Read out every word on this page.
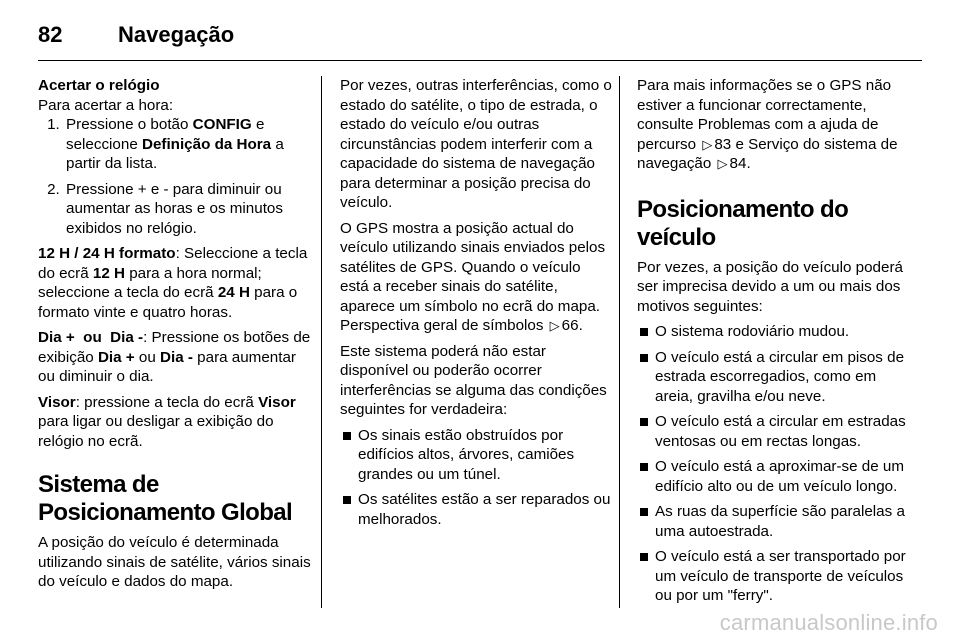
82	Navegação

Acertar o relógio

Para acertar a hora:

1. Pressione o botão CONFIG e seleccione Definição da Hora a partir da lista.
2. Pressione + e - para diminuir ou aumentar as horas e os minutos exibidos no relógio.

12 H / 24 H formato: Seleccione a tecla do ecrã 12 H para a hora normal; seleccione a tecla do ecrã 24 H para o formato vinte e quatro horas.

Dia +  ou  Dia -: Pressione os botões de exibição Dia + ou Dia - para aumentar ou diminuir o dia.

Visor: pressione a tecla do ecrã Visor para ligar ou desligar a exibição do relógio no ecrã.

Sistema de
Posicionamento Global

A posição do veículo é determinada utilizando sinais de satélite, vários sinais do veículo e dados do mapa.

Por vezes, outras interferências, como o estado do satélite, o tipo de estrada, o estado do veículo e/ou outras circunstâncias podem interferir com a capacidade do sistema de navegação para determinar a posição precisa do veículo.

O GPS mostra a posição actual do veículo utilizando sinais enviados pelos satélites de GPS. Quando o veículo está a receber sinais do satélite, aparece um símbolo no ecrã do mapa. Perspectiva geral de símbolos ▷ 66.

Este sistema poderá não estar disponível ou poderão ocorrer interferências se alguma das condições seguintes for verdadeira:

Os sinais estão obstruídos por edifícios altos, árvores, camiões grandes ou um túnel.
Os satélites estão a ser reparados ou melhorados.

Para mais informações se o GPS não estiver a funcionar correctamente, consulte Problemas com a ajuda de percurso ▷ 83 e Serviço do sistema de navegação ▷ 84.

Posicionamento do veículo

Por vezes, a posição do veículo poderá ser imprecisa devido a um ou mais dos motivos seguintes:

O sistema rodoviário mudou.
O veículo está a circular em pisos de estrada escorregadios, como em areia, gravilha e/ou neve.
O veículo está a circular em estradas ventosas ou em rectas longas.
O veículo está a aproximar-se de um edifício alto ou de um veículo longo.
As ruas da superfície são paralelas a uma autoestrada.
O veículo está a ser transportado por um veículo de transporte de veículos ou por um "ferry".
carmanualsonline.info
